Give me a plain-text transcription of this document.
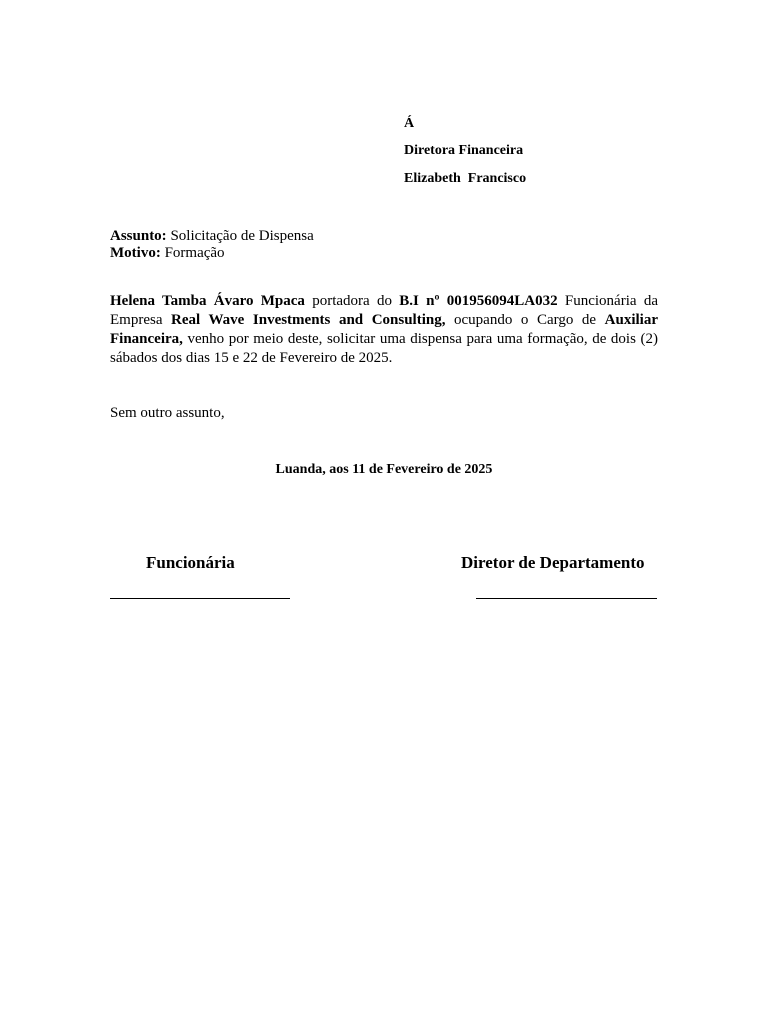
Á
Diretora Financeira
Elizabeth  Francisco
Assunto: Solicitação de Dispensa
Motivo: Formação
Helena Tamba Ávaro Mpaca portadora do B.I nº 001956094LA032 Funcionária da Empresa Real Wave Investments and Consulting, ocupando o Cargo de Auxiliar Financeira, venho por meio deste, solicitar uma dispensa para uma formação, de dois (2) sábados dos dias 15 e 22 de Fevereiro de 2025.
Sem outro assunto,
Luanda, aos 11 de Fevereiro de 2025
Funcionária	Diretor de Departamento
